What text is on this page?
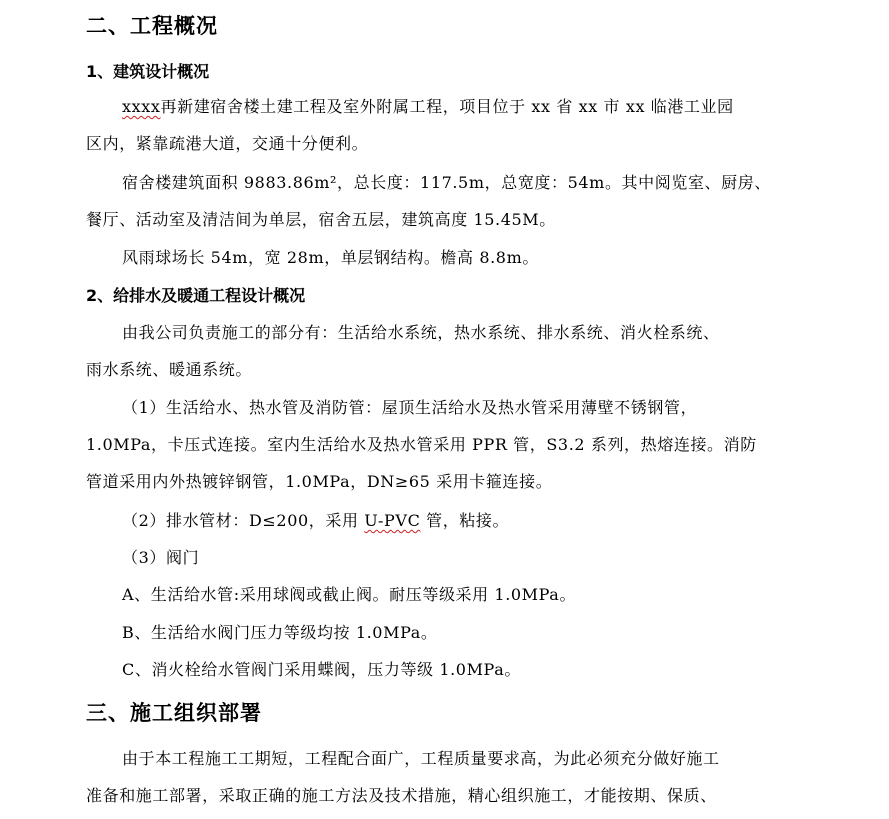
二、工程概况
1、建筑设计概况
xxxx再新建宿舍楼土建工程及室外附属工程，项目位于 xx 省 xx 市 xx 临港工业园
区内，紧靠疏港大道，交通十分便利。
宿舍楼建筑面积 9883.86m²，总长度：117.5m，总宽度：54m。其中阅览室、厨房、
餐厅、活动室及清洁间为单层，宿舍五层，建筑高度 15.45M。
风雨球场长 54m，宽 28m，单层钢结构。檐高 8.8m。
2、给排水及暖通工程设计概况
由我公司负责施工的部分有：生活给水系统，热水系统、排水系统、消火栓系统、
雨水系统、暖通系统。
（1）生活给水、热水管及消防管：屋顶生活给水及热水管采用薄壁不锈钢管，
1.0MPa，卡压式连接。室内生活给水及热水管采用 PPR 管，S3.2 系列，热熔连接。消防
管道采用内外热镀锌钢管，1.0MPa，DN≥65 采用卡箍连接。
（2）排水管材：D≤200，采用 U-PVC 管，粘接。
（3）阀门
A、生活给水管:采用球阀或截止阀。耐压等级采用 1.0MPa。
B、生活给水阀门压力等级均按 1.0MPa。
C、消火栓给水管阀门采用蝶阀，压力等级 1.0MPa。
三、施工组织部署
由于本工程施工工期短，工程配合面广，工程质量要求高，为此必须充分做好施工
准备和施工部署，采取正确的施工方法及技术措施，精心组织施工，才能按期、保质、
